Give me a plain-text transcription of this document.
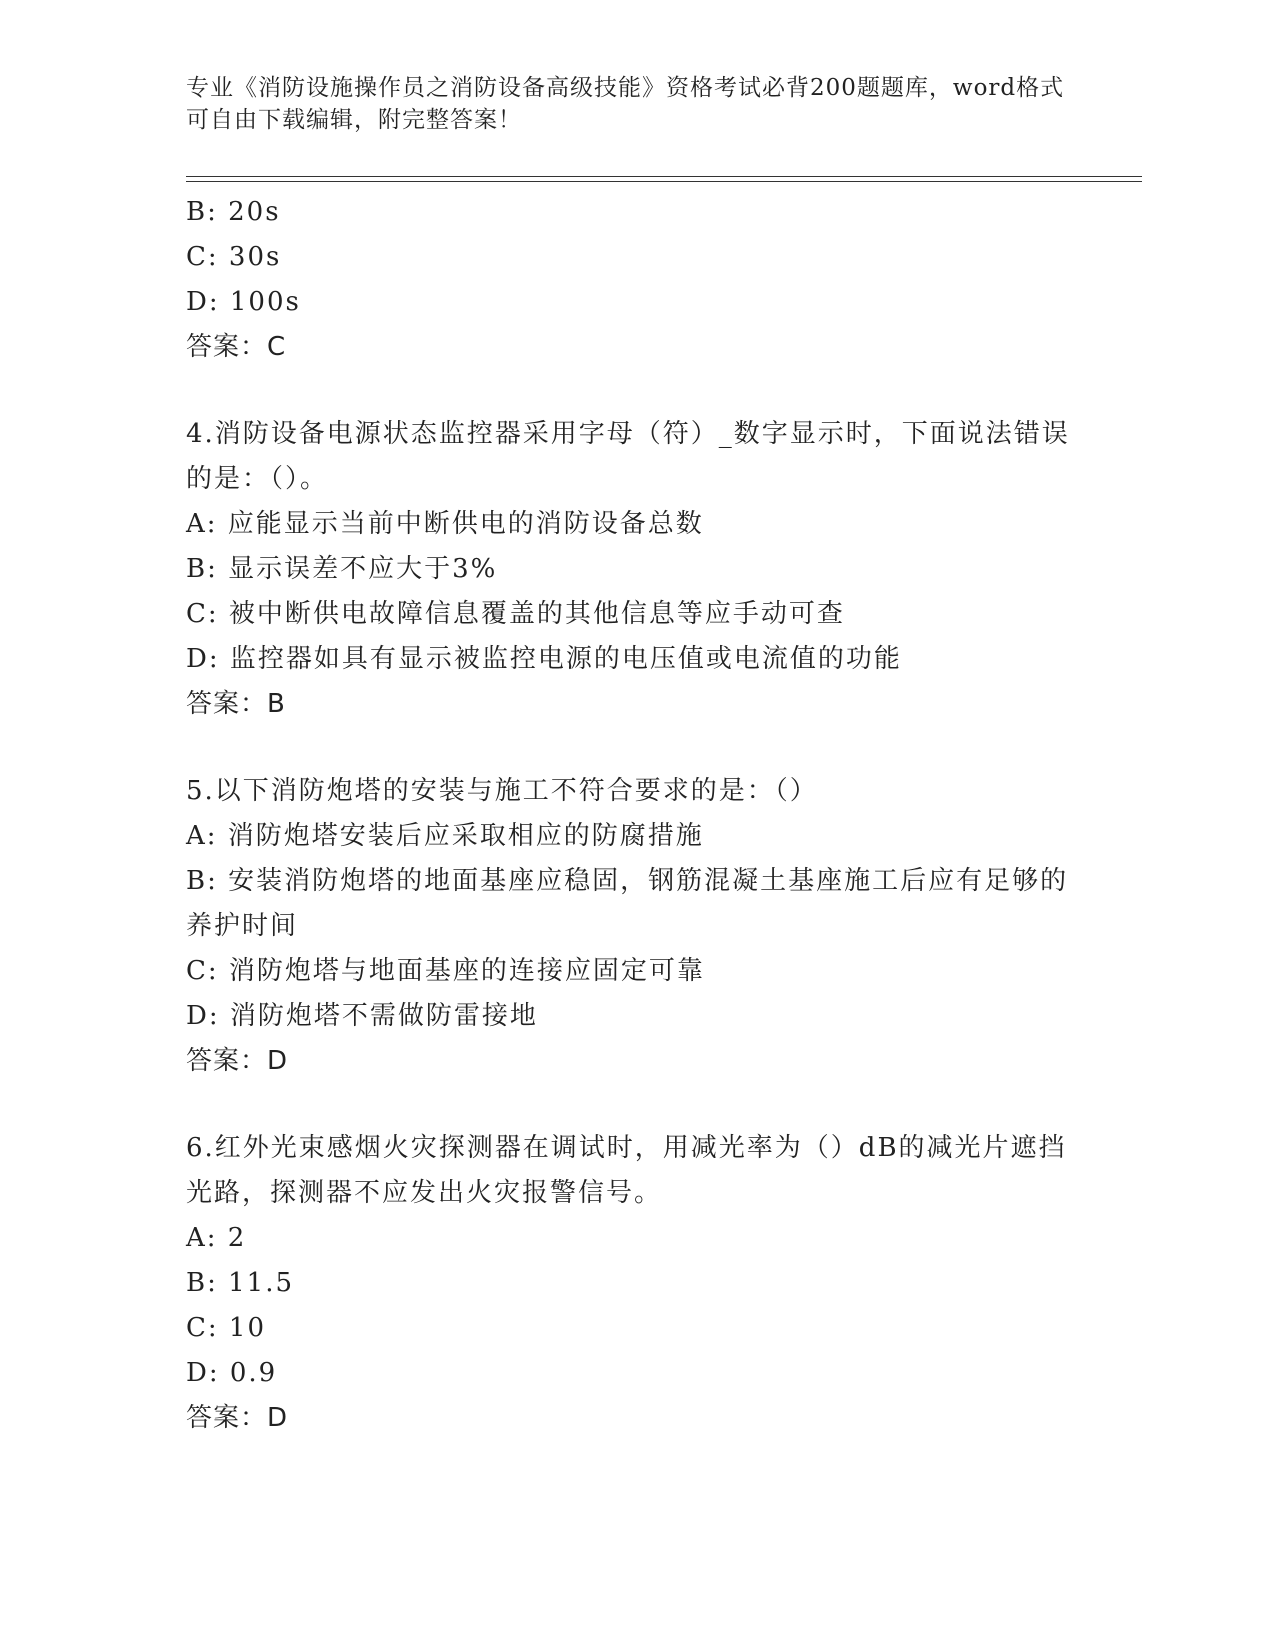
专业《消防设施操作员之消防设备高级技能》资格考试必背200题题库，word格式可自由下载编辑，附完整答案！
B: 20s
C: 30s
D: 100s
答案：C
4.消防设备电源状态监控器采用字母（符）_数字显示时，下面说法错误的是：（）。
A: 应能显示当前中断供电的消防设备总数
B: 显示误差不应大于3%
C: 被中断供电故障信息覆盖的其他信息等应手动可查
D: 监控器如具有显示被监控电源的电压值或电流值的功能
答案：B
5.以下消防炮塔的安装与施工不符合要求的是：（）
A: 消防炮塔安装后应采取相应的防腐措施
B: 安装消防炮塔的地面基座应稳固，钢筋混凝土基座施工后应有足够的养护时间
C: 消防炮塔与地面基座的连接应固定可靠
D: 消防炮塔不需做防雷接地
答案：D
6.红外光束感烟火灾探测器在调试时，用减光率为（）dB的减光片遮挡光路，探测器不应发出火灾报警信号。
A: 2
B: 11.5
C: 10
D: 0.9
答案：D
